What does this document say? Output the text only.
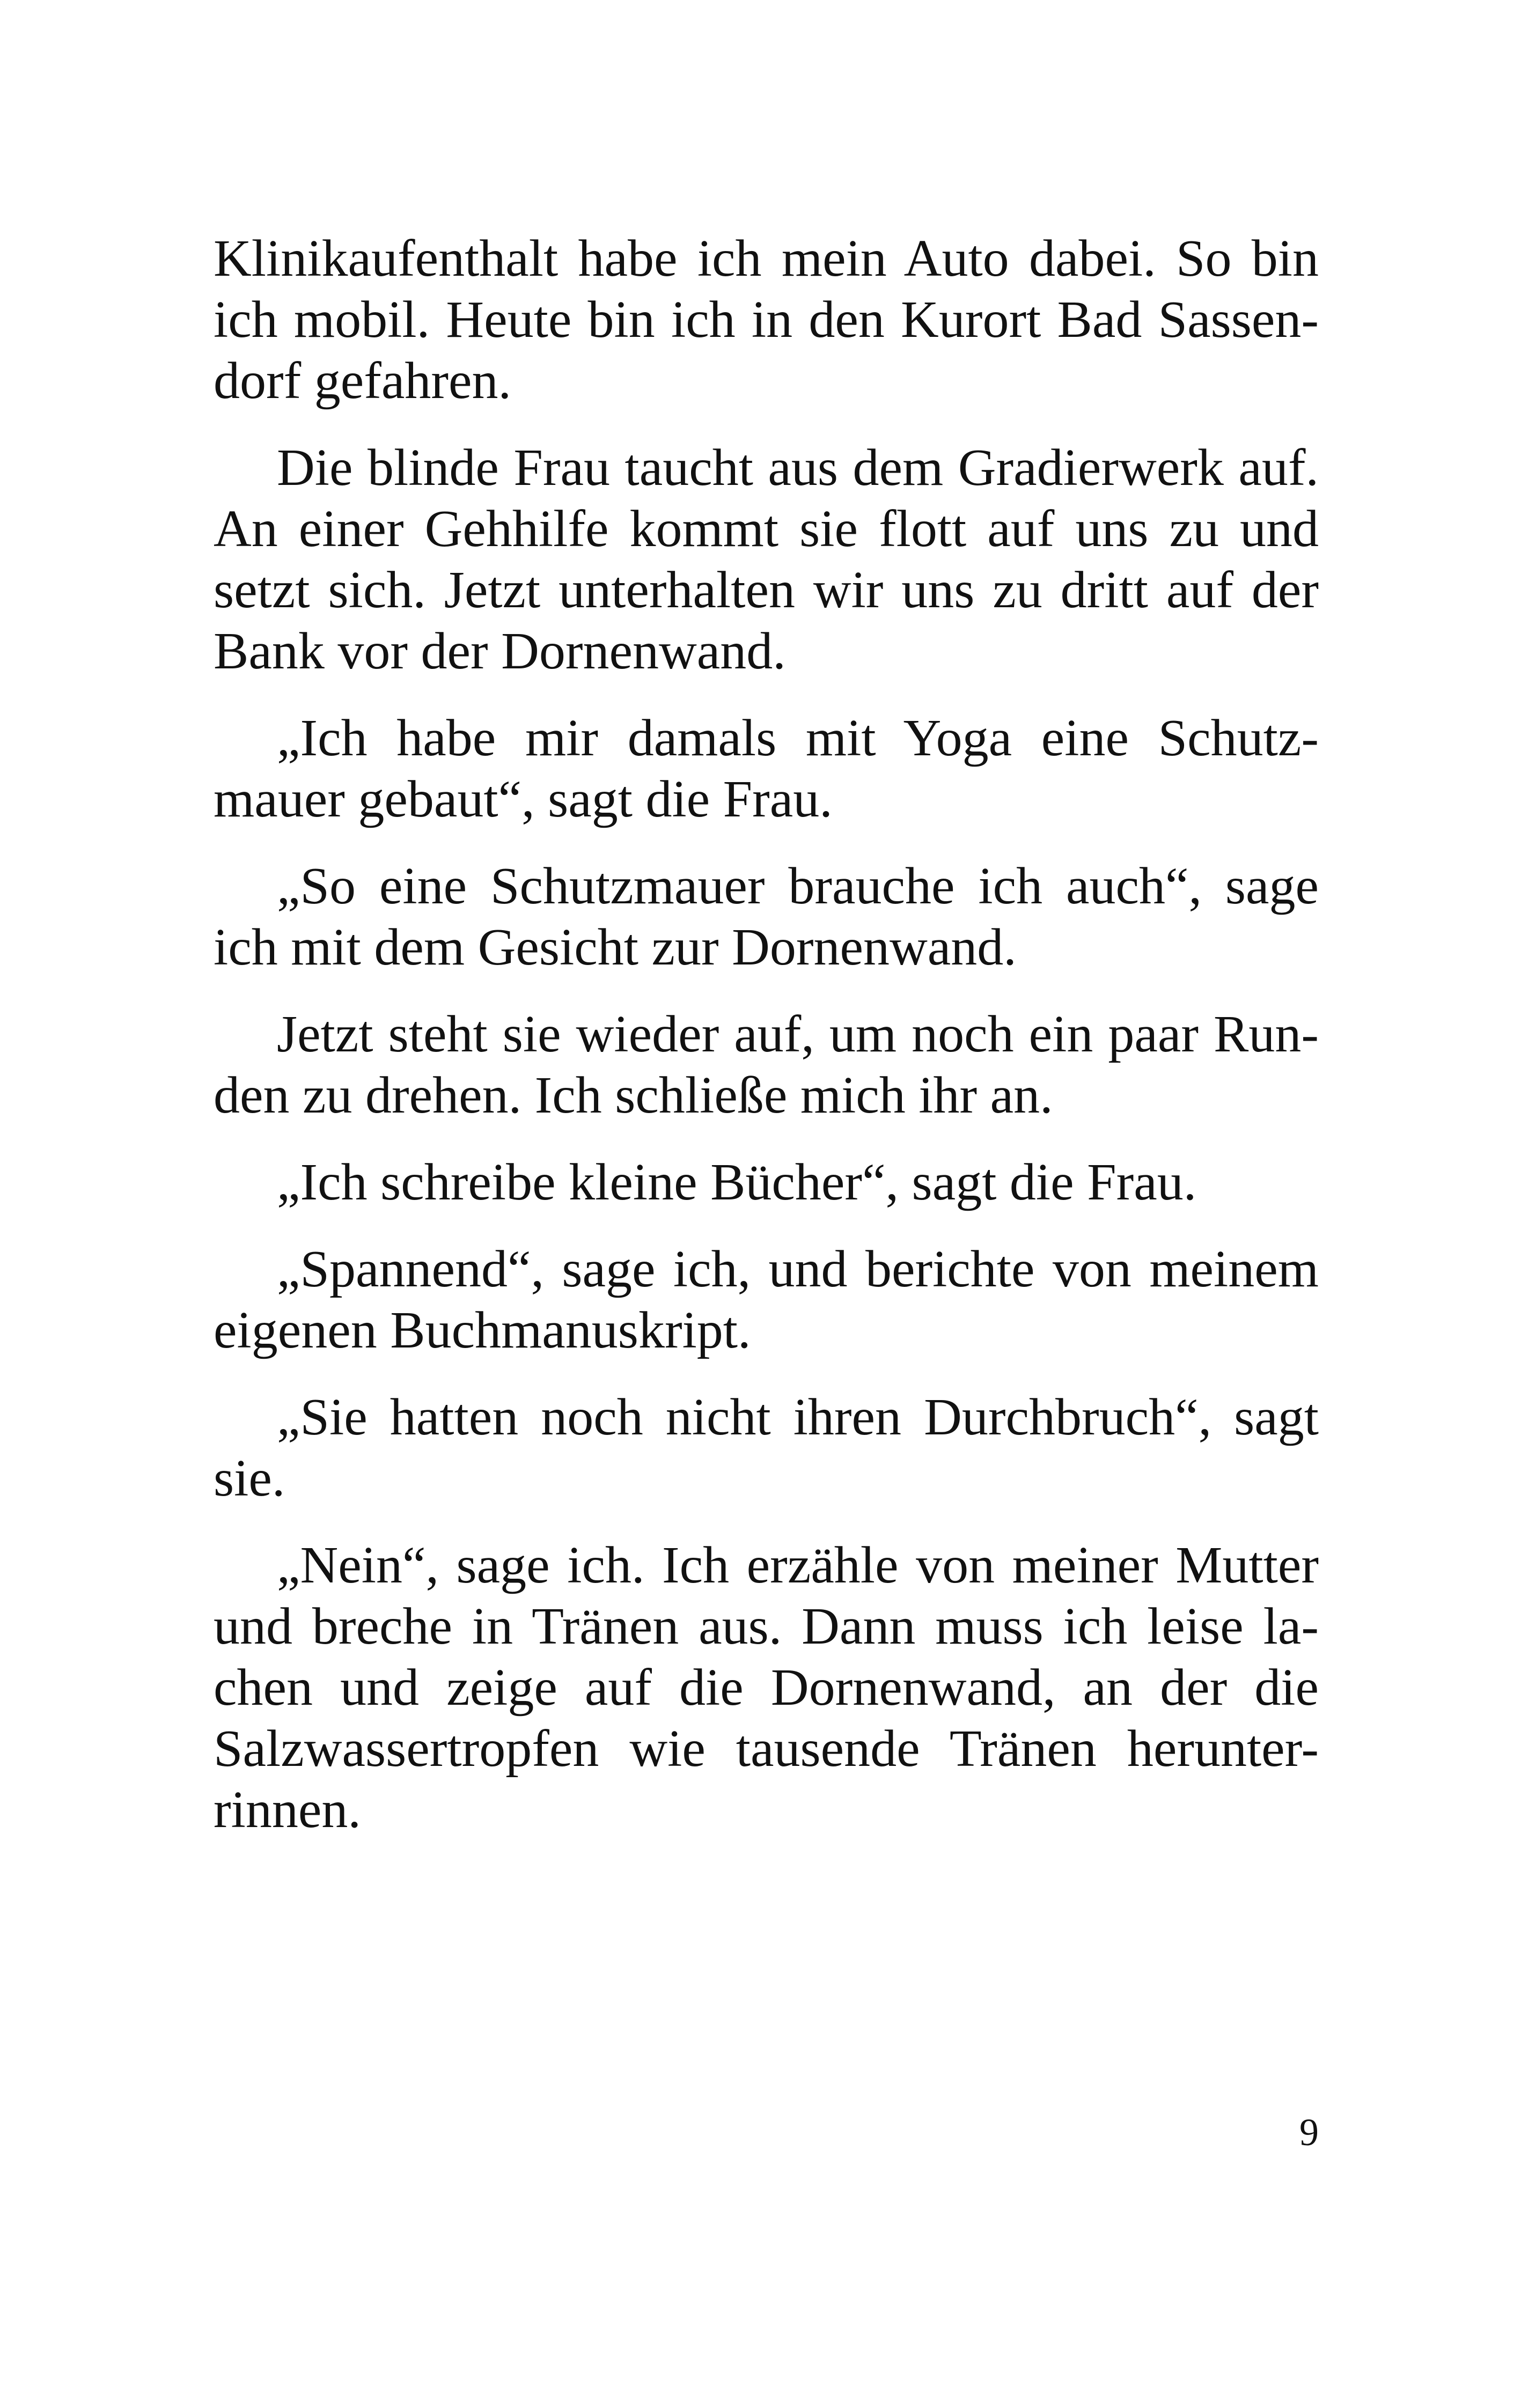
Klinikaufenthalt habe ich mein Auto dabei. So bin
ich mobil. Heute bin ich in den Kurort Bad Sassen-
dorf gefahren.
Die blinde Frau taucht aus dem Gradierwerk auf.
An einer Gehhilfe kommt sie flott auf uns zu und
setzt sich. Jetzt unterhalten wir uns zu dritt auf der
Bank vor der Dornenwand.
„Ich habe mir damals mit Yoga eine Schutz-
mauer gebaut“, sagt die Frau.
„So eine Schutzmauer brauche ich auch“, sage
ich mit dem Gesicht zur Dornenwand.
Jetzt steht sie wieder auf, um noch ein paar Run-
den zu drehen. Ich schließe mich ihr an.
„Ich schreibe kleine Bücher“, sagt die Frau.
„Spannend“, sage ich, und berichte von meinem
eigenen Buchmanuskript.
„Sie hatten noch nicht ihren Durchbruch“, sagt
sie.
„Nein“, sage ich. Ich erzähle von meiner Mutter
und breche in Tränen aus. Dann muss ich leise la-
chen und zeige auf die Dornenwand, an der die
Salzwassertropfen wie tausende Tränen herunter-
rinnen.
9
